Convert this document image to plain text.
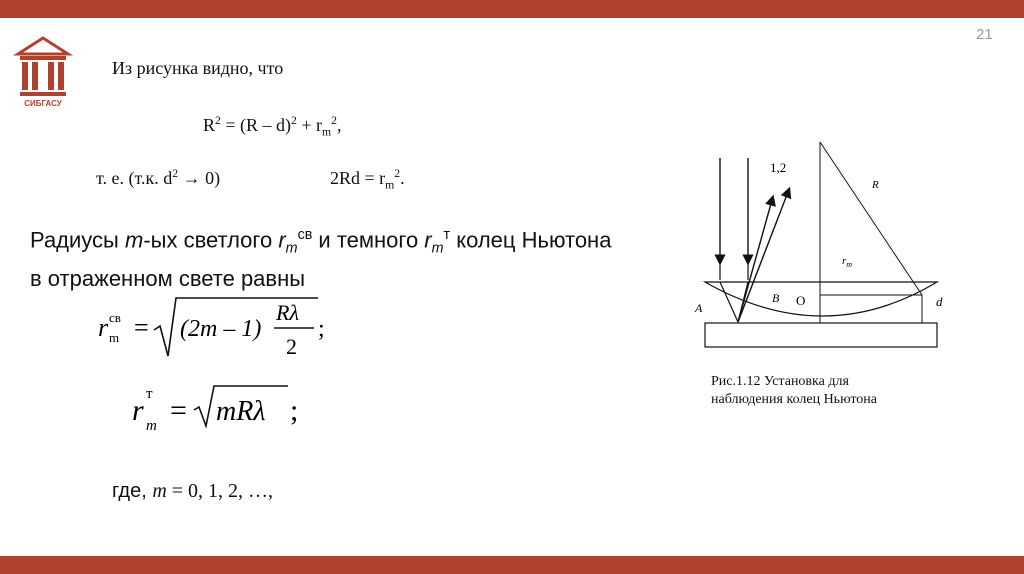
21
СИБГАСУ
Из рисунка видно, что
$R^2 = (R - d)^2 + r_m^2$,
т. е. (т.к. $d^2 \to 0$)	$2Rd = r_m^2$.
Радиусы m-ых светлого $r_m^{св}$ и темного $r_m^т$ колец Ньютона
в отраженном свете равны
r m
св = (2m – 1)
Rλ
2
;
r m
т = mRλ ;
где, m = 0, 1, 2, …,
1,2
R
$r_m$
A
B O	d
Рис.1.12 Установка для
наблюдения колец Ньютона
